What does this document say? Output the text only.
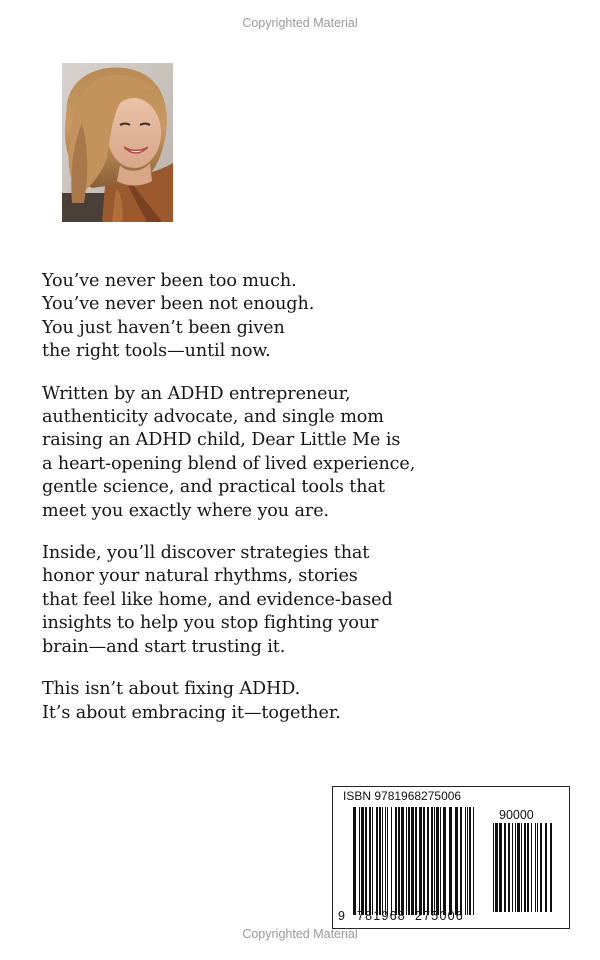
Copyrighted Material
You’ve never been too much.
You’ve never been not enough.
You just haven’t been given
the right tools—until now.
Written by an ADHD entrepreneur,
authenticity advocate, and single mom
raising an ADHD child, Dear Little Me is
a heart-opening blend of lived experience,
gentle science, and practical tools that
meet you exactly where you are.
Inside, you’ll discover strategies that
honor your natural rhythms, stories
that feel like home, and evidence-based
insights to help you stop fighting your
brain—and start trusting it.
This isn’t about fixing ADHD.
It’s about embracing it—together.
ISBN 9781968275006
90000
9 781968 275006
Copyrighted Material
